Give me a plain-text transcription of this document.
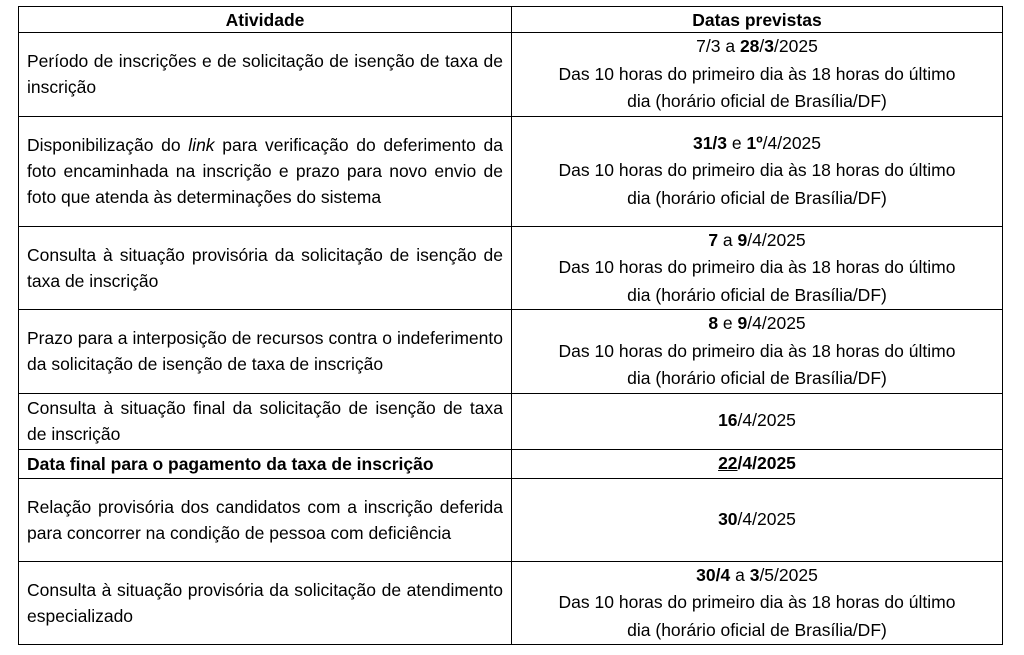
Atividade	Datas previstas
Período de inscrições e de solicitação de isenção de taxa de inscrição	7/3 a 28/3/2025
Das 10 horas do primeiro dia às 18 horas do último
dia (horário oficial de Brasília/DF)

Disponibilização do link para verificação do deferimento da foto encaminhada na inscrição e prazo para novo envio de foto que atenda às determinações do sistema	31/3 e 1º/4/2025
Das 10 horas do primeiro dia às 18 horas do último
dia (horário oficial de Brasília/DF)

Consulta à situação provisória da solicitação de isenção de taxa de inscrição	7 a 9/4/2025
Das 10 horas do primeiro dia às 18 horas do último
dia (horário oficial de Brasília/DF)

Prazo para a interposição de recursos contra o indeferimento da solicitação de isenção de taxa de inscrição	8 e 9/4/2025
Das 10 horas do primeiro dia às 18 horas do último
dia (horário oficial de Brasília/DF)

Consulta à situação final da solicitação de isenção de taxa de inscrição	16/4/2025

Data final para o pagamento da taxa de inscrição	22/4/2025

Relação provisória dos candidatos com a inscrição deferida para concorrer na condição de pessoa com deficiência	30/4/2025

Consulta à situação provisória da solicitação de atendimento especializado	30/4 a 3/5/2025
Das 10 horas do primeiro dia às 18 horas do último
dia (horário oficial de Brasília/DF)
